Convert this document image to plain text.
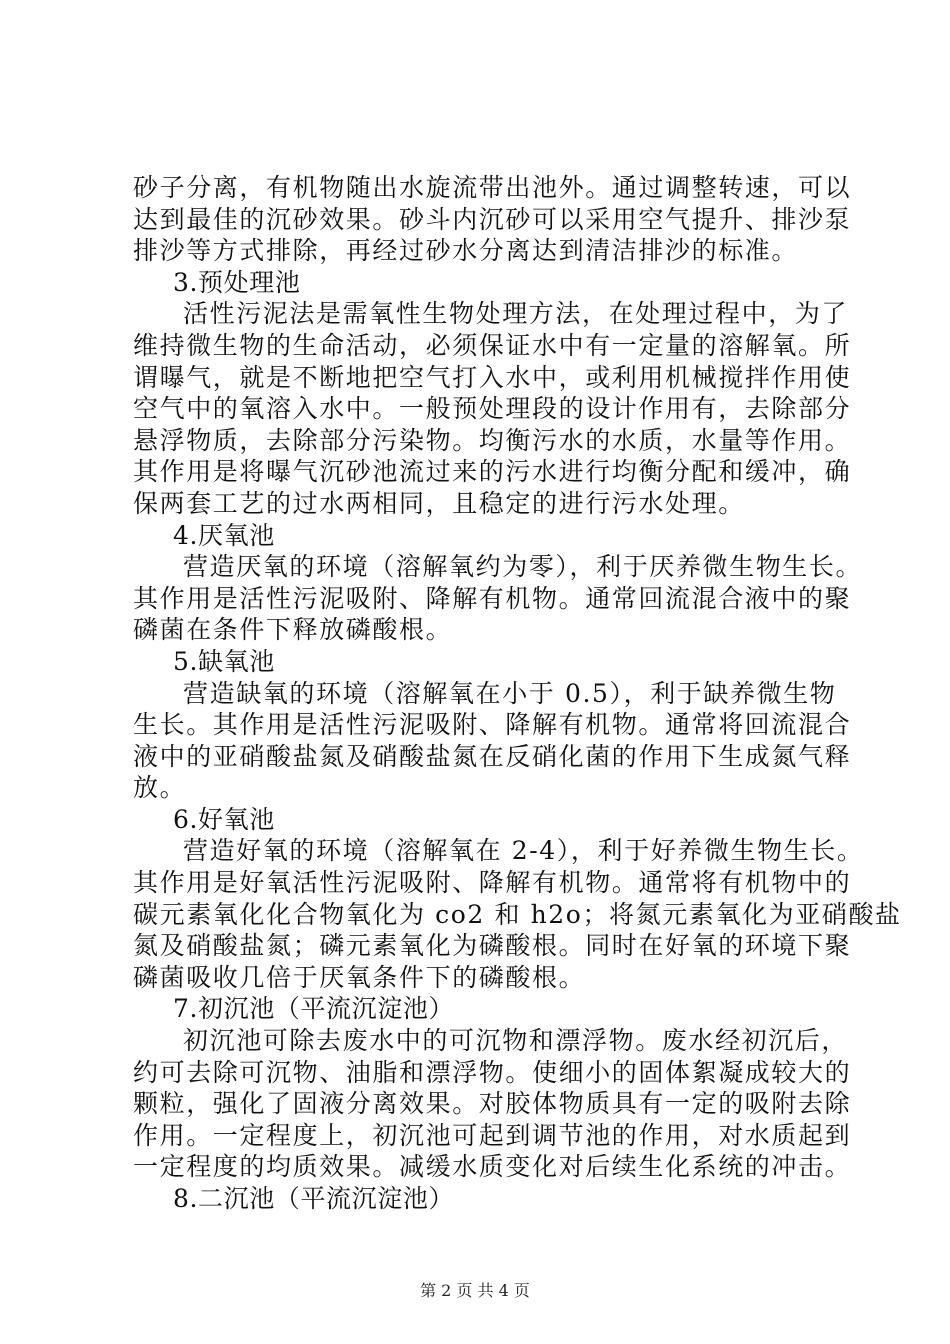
砂子分离，有机物随出水旋流带出池外。通过调整转速，可以
达到最佳的沉砂效果。砂斗内沉砂可以采用空气提升、排沙泵
排沙等方式排除，再经过砂水分离达到清洁排沙的标准。
3.预处理池
活性污泥法是需氧性生物处理方法，在处理过程中，为了
维持微生物的生命活动，必须保证水中有一定量的溶解氧。所
谓曝气，就是不断地把空气打入水中，或利用机械搅拌作用使
空气中的氧溶入水中。一般预处理段的设计作用有，去除部分
悬浮物质，去除部分污染物。均衡污水的水质，水量等作用。
其作用是将曝气沉砂池流过来的污水进行均衡分配和缓冲，确
保两套工艺的过水两相同，且稳定的进行污水处理。
4.厌氧池
营造厌氧的环境（溶解氧约为零），利于厌养微生物生长。
其作用是活性污泥吸附、降解有机物。通常回流混合液中的聚
磷菌在条件下释放磷酸根。
5.缺氧池
营造缺氧的环境（溶解氧在小于 0.5），利于缺养微生物
生长。其作用是活性污泥吸附、降解有机物。通常将回流混合
液中的亚硝酸盐氮及硝酸盐氮在反硝化菌的作用下生成氮气释
放。
6.好氧池
营造好氧的环境（溶解氧在 2-4），利于好养微生物生长。
其作用是好氧活性污泥吸附、降解有机物。通常将有机物中的
碳元素氧化化合物氧化为 co2 和 h2o；将氮元素氧化为亚硝酸盐
氮及硝酸盐氮；磷元素氧化为磷酸根。同时在好氧的环境下聚
磷菌吸收几倍于厌氧条件下的磷酸根。
7.初沉池（平流沉淀池）
初沉池可除去废水中的可沉物和漂浮物。废水经初沉后，
约可去除可沉物、油脂和漂浮物。使细小的固体絮凝成较大的
颗粒，强化了固液分离效果。对胶体物质具有一定的吸附去除
作用。一定程度上，初沉池可起到调节池的作用，对水质起到
一定程度的均质效果。减缓水质变化对后续生化系统的冲击。
8.二沉池（平流沉淀池）
第 2 页 共 4 页
